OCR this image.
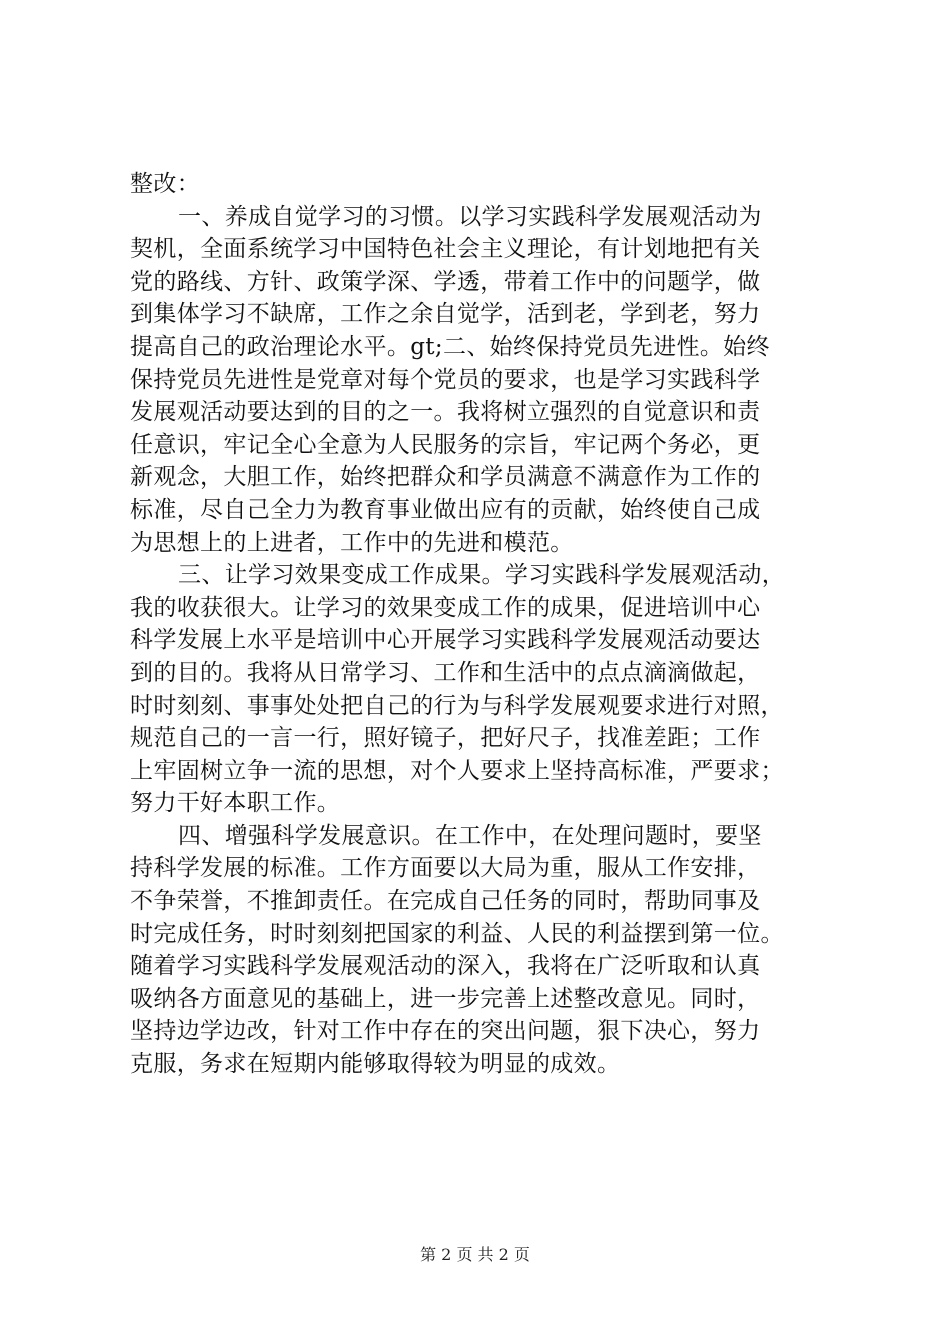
整改：
一、养成自觉学习的习惯。以学习实践科学发展观活动为
契机，全面系统学习中国特色社会主义理论，有计划地把有关
党的路线、方针、政策学深、学透，带着工作中的问题学，做
到集体学习不缺席，工作之余自觉学，活到老，学到老，努力
提高自己的政治理论水平。gt;二、始终保持党员先进性。始终
保持党员先进性是党章对每个党员的要求，也是学习实践科学
发展观活动要达到的目的之一。我将树立强烈的自觉意识和责
任意识，牢记全心全意为人民服务的宗旨，牢记两个务必，更
新观念，大胆工作，始终把群众和学员满意不满意作为工作的
标准，尽自己全力为教育事业做出应有的贡献，始终使自己成
为思想上的上进者，工作中的先进和模范。
三、让学习效果变成工作成果。学习实践科学发展观活动，
我的收获很大。让学习的效果变成工作的成果，促进培训中心
科学发展上水平是培训中心开展学习实践科学发展观活动要达
到的目的。我将从日常学习、工作和生活中的点点滴滴做起，
时时刻刻、事事处处把自己的行为与科学发展观要求进行对照，
规范自己的一言一行，照好镜子，把好尺子，找准差距；工作
上牢固树立争一流的思想，对个人要求上坚持高标准，严要求；
努力干好本职工作。
四、增强科学发展意识。在工作中，在处理问题时，要坚
持科学发展的标准。工作方面要以大局为重，服从工作安排，
不争荣誉，不推卸责任。在完成自己任务的同时，帮助同事及
时完成任务，时时刻刻把国家的利益、人民的利益摆到第一位。
随着学习实践科学发展观活动的深入，我将在广泛听取和认真
吸纳各方面意见的基础上，进一步完善上述整改意见。同时，
坚持边学边改，针对工作中存在的突出问题，狠下决心，努力
克服，务求在短期内能够取得较为明显的成效。
第 2 页 共 2 页
